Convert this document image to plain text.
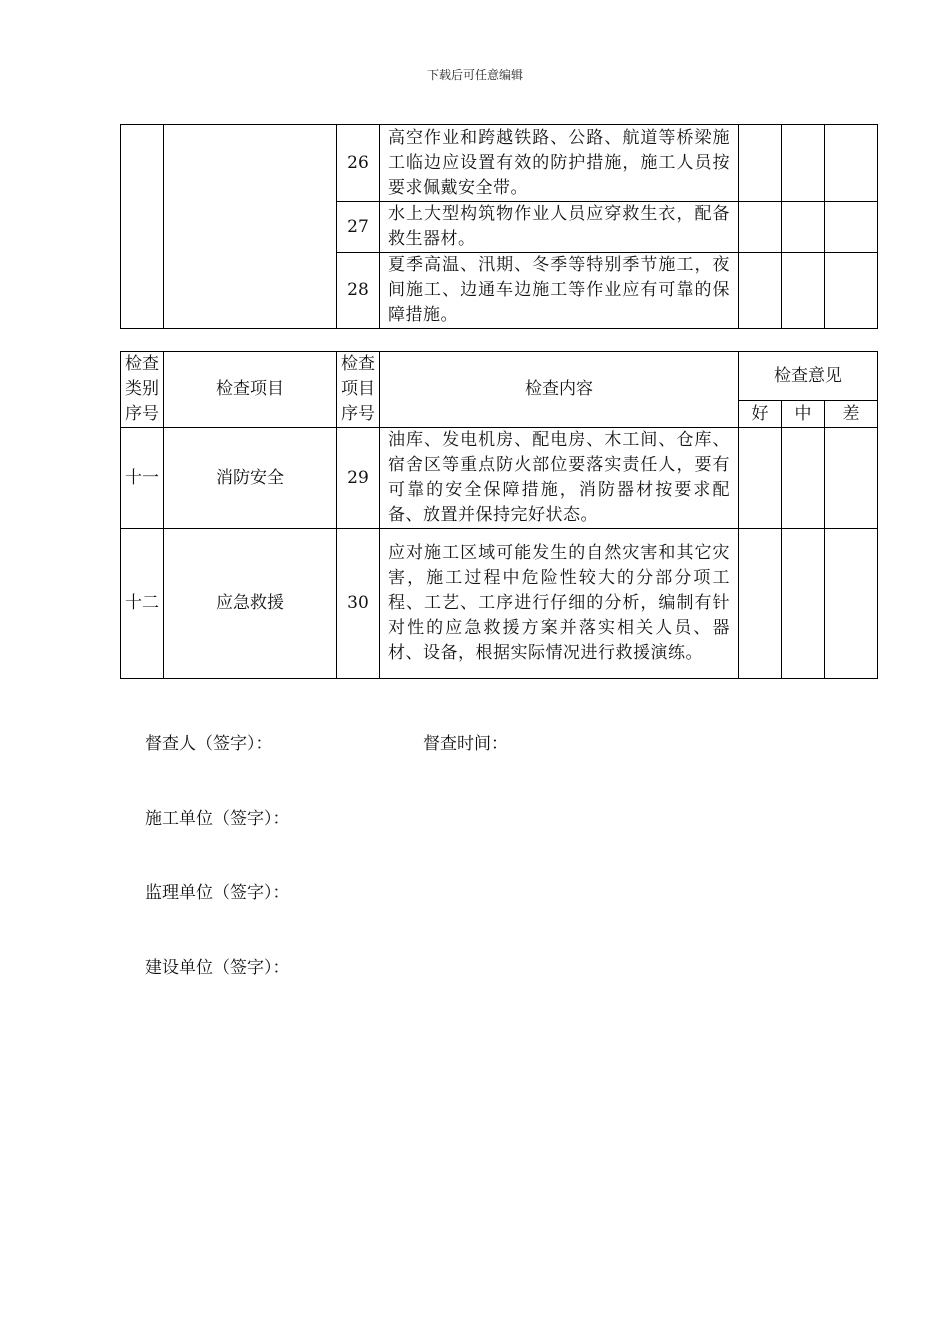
下载后可任意编辑
		26	高空作业和跨越铁路、公路、航道等桥梁施工临边应设置有效的防护措施，施工人员按要求佩戴安全带。			
		27	水上大型构筑物作业人员应穿救生衣，配备救生器材。			
		28	夏季高温、汛期、冬季等特别季节施工，夜间施工、边通车边施工等作业应有可靠的保障措施。			
检查类别序号	检查项目	检查项目序号	检查内容	检查意见		
				好	中	差
十一	消防安全	29	油库、发电机房、配电房、木工间、仓库、宿舍区等重点防火部位要落实责任人，要有可靠的安全保障措施，消防器材按要求配备、放置并保持完好状态。			
十二	应急救援	30	应对施工区域可能发生的自然灾害和其它灾害，施工过程中危险性较大的分部分项工程、工艺、工序进行仔细的分析，编制有针对性的应急救援方案并落实相关人员、器材、设备，根据实际情况进行救援演练。			
督查人（签字）：	督查时间：
施工单位（签字）：
监理单位（签字）：
建设单位（签字）：
